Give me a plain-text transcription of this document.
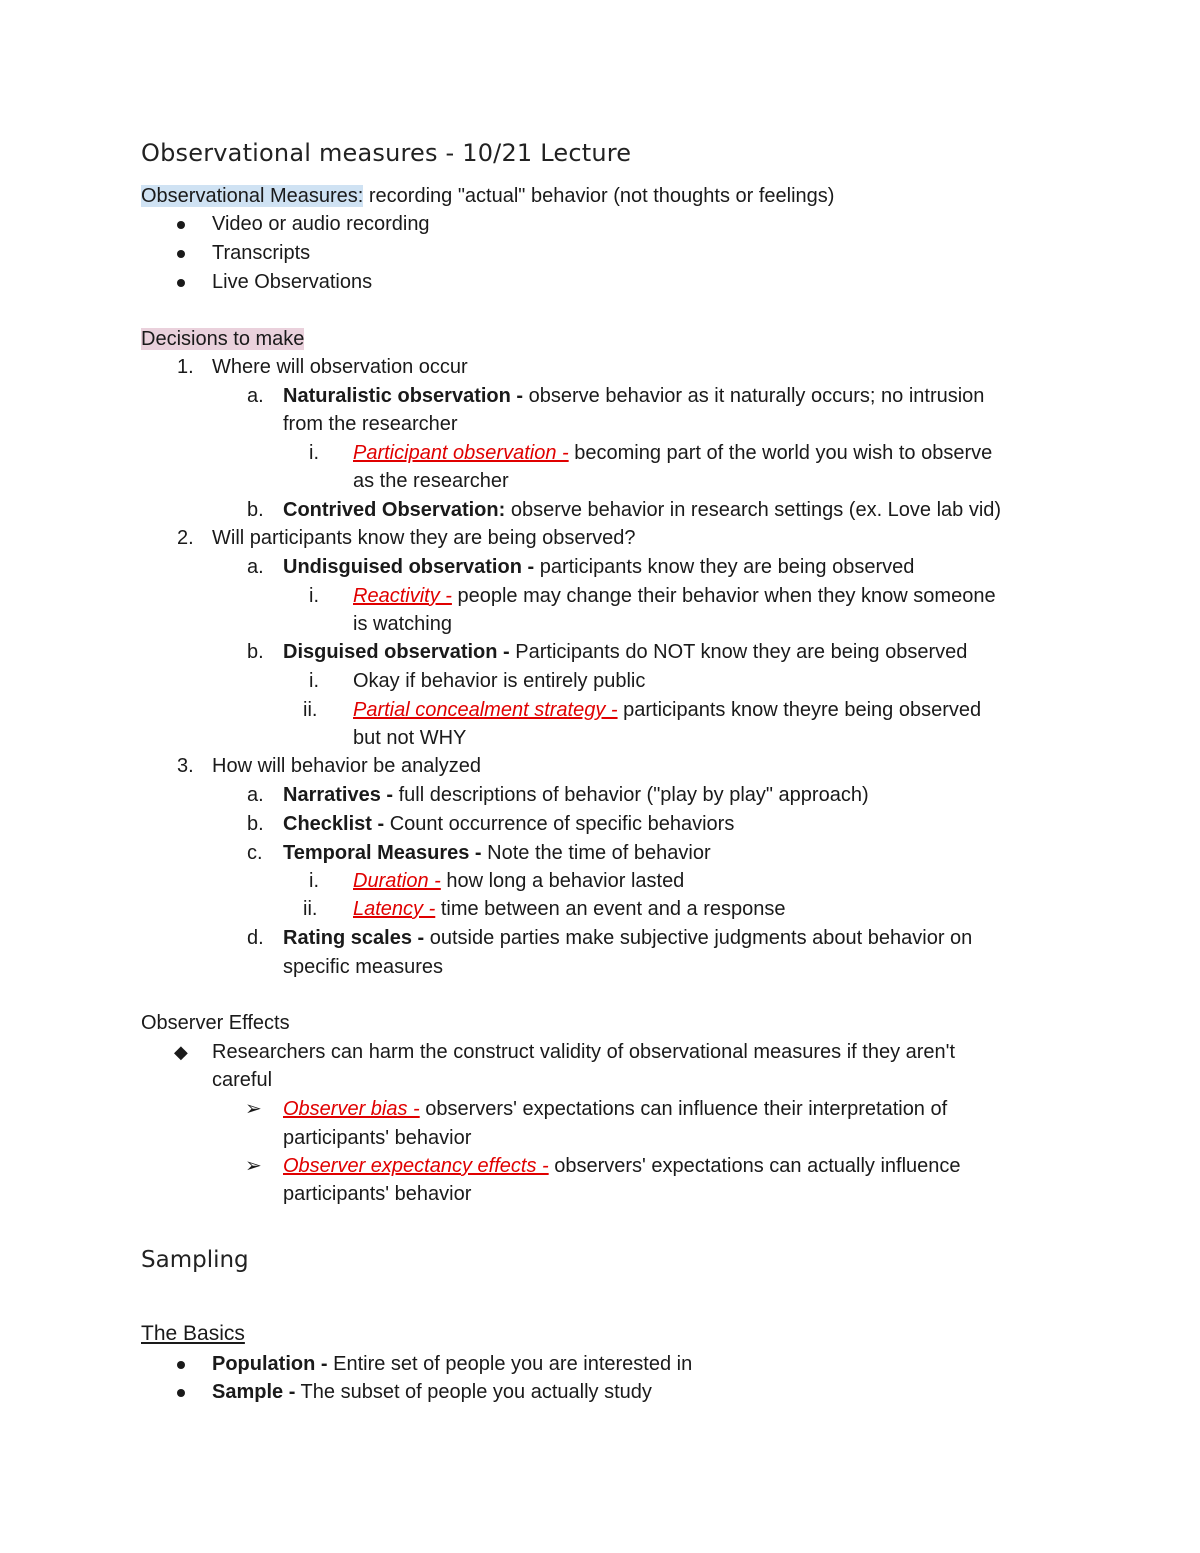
Observational measures - 10/21 Lecture
Observational Measures: recording "actual" behavior (not thoughts or feelings)
Video or audio recording
Transcripts
Live Observations
Decisions to make
1. Where will observation occur
a. Naturalistic observation - observe behavior as it naturally occurs; no intrusion
from the researcher
i. Participant observation - becoming part of the world you wish to observe
as the researcher
b. Contrived Observation: observe behavior in research settings (ex. Love lab vid)
2. Will participants know they are being observed?
a. Undisguised observation - participants know they are being observed
i. Reactivity - people may change their behavior when they know someone
is watching
b. Disguised observation - Participants do NOT know they are being observed
i. Okay if behavior is entirely public
ii. Partial concealment strategy - participants know theyre being observed
but not WHY
3. How will behavior be analyzed
a. Narratives - full descriptions of behavior ("play by play" approach)
b. Checklist - Count occurrence of specific behaviors
c. Temporal Measures - Note the time of behavior
i. Duration - how long a behavior lasted
ii. Latency - time between an event and a response
d. Rating scales - outside parties make subjective judgments about behavior on
specific measures
Observer Effects
◆ Researchers can harm the construct validity of observational measures if they aren't
careful
➢ Observer bias - observers' expectations can influence their interpretation of
participants' behavior
➢ Observer expectancy effects - observers' expectations can actually influence
participants' behavior
Sampling
The Basics
Population - Entire set of people you are interested in
Sample - The subset of people you actually study
